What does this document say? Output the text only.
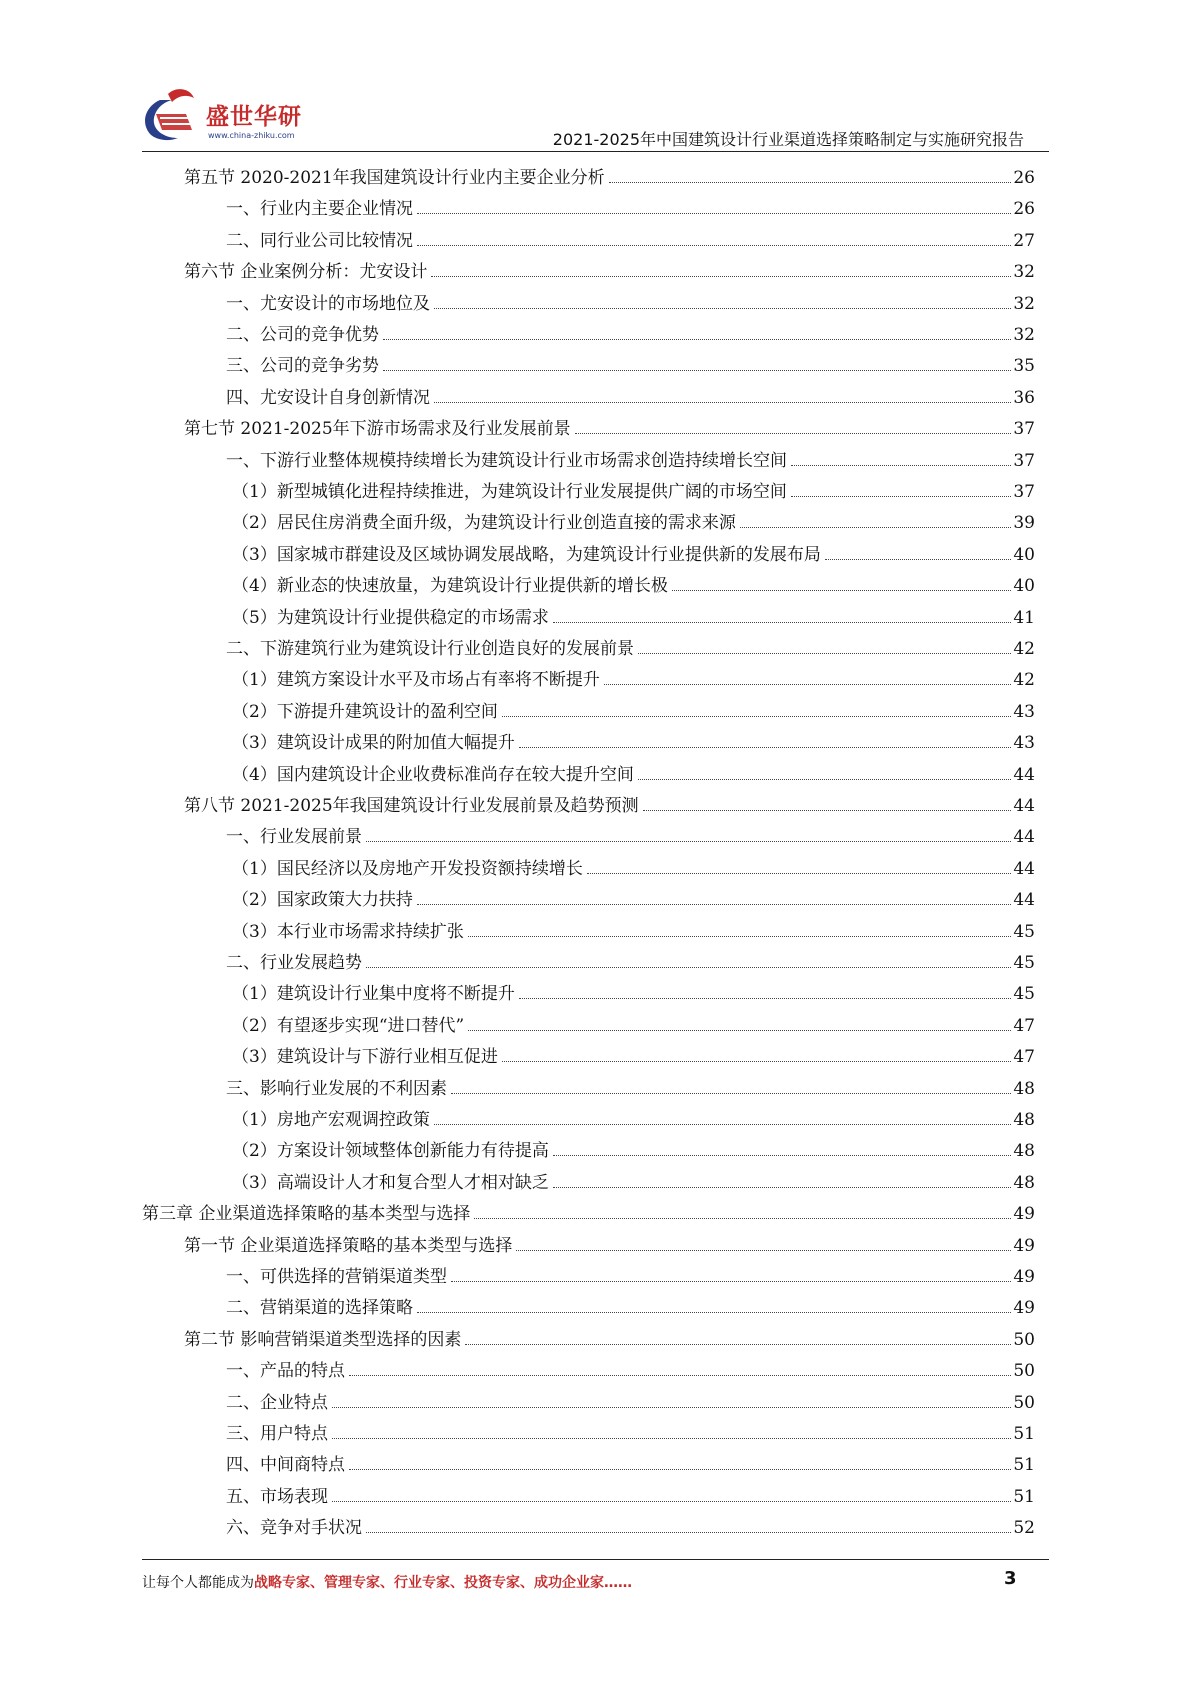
盛世华研
www.china-zhiku.com	2021-2025年中国建筑设计行业渠道选择策略制定与实施研究报告
第五节 2020-2021年我国建筑设计行业内主要企业分析	26
一、行业内主要企业情况	26
二、同行业公司比较情况	27
第六节 企业案例分析：尤安设计	32
一、尤安设计的市场地位及	32
二、公司的竞争优势	32
三、公司的竞争劣势	35
四、尤安设计自身创新情况	36
第七节 2021-2025年下游市场需求及行业发展前景	37
一、下游行业整体规模持续增长为建筑设计行业市场需求创造持续增长空间	37
（1）新型城镇化进程持续推进，为建筑设计行业发展提供广阔的市场空间	37
（2）居民住房消费全面升级，为建筑设计行业创造直接的需求来源	39
（3）国家城市群建设及区域协调发展战略，为建筑设计行业提供新的发展布局	40
（4）新业态的快速放量，为建筑设计行业提供新的增长极	40
（5）为建筑设计行业提供稳定的市场需求	41
二、下游建筑行业为建筑设计行业创造良好的发展前景	42
（1）建筑方案设计水平及市场占有率将不断提升	42
（2）下游提升建筑设计的盈利空间	43
（3）建筑设计成果的附加值大幅提升	43
（4）国内建筑设计企业收费标准尚存在较大提升空间	44
第八节 2021-2025年我国建筑设计行业发展前景及趋势预测	44
一、行业发展前景	44
（1）国民经济以及房地产开发投资额持续增长	44
（2）国家政策大力扶持	44
（3）本行业市场需求持续扩张	45
二、行业发展趋势	45
（1）建筑设计行业集中度将不断提升	45
（2）有望逐步实现“进口替代”	47
（3）建筑设计与下游行业相互促进	47
三、影响行业发展的不利因素	48
（1）房地产宏观调控政策	48
（2）方案设计领域整体创新能力有待提高	48
（3）高端设计人才和复合型人才相对缺乏	48
第三章 企业渠道选择策略的基本类型与选择	49
第一节 企业渠道选择策略的基本类型与选择	49
一、可供选择的营销渠道类型	49
二、营销渠道的选择策略	49
第二节 影响营销渠道类型选择的因素	50
一、产品的特点	50
二、企业特点	50
三、用户特点	51
四、中间商特点	51
五、市场表现	51
六、竞争对手状况	52
让每个人都能成为战略专家、管理专家、行业专家、投资专家、成功企业家……	3
